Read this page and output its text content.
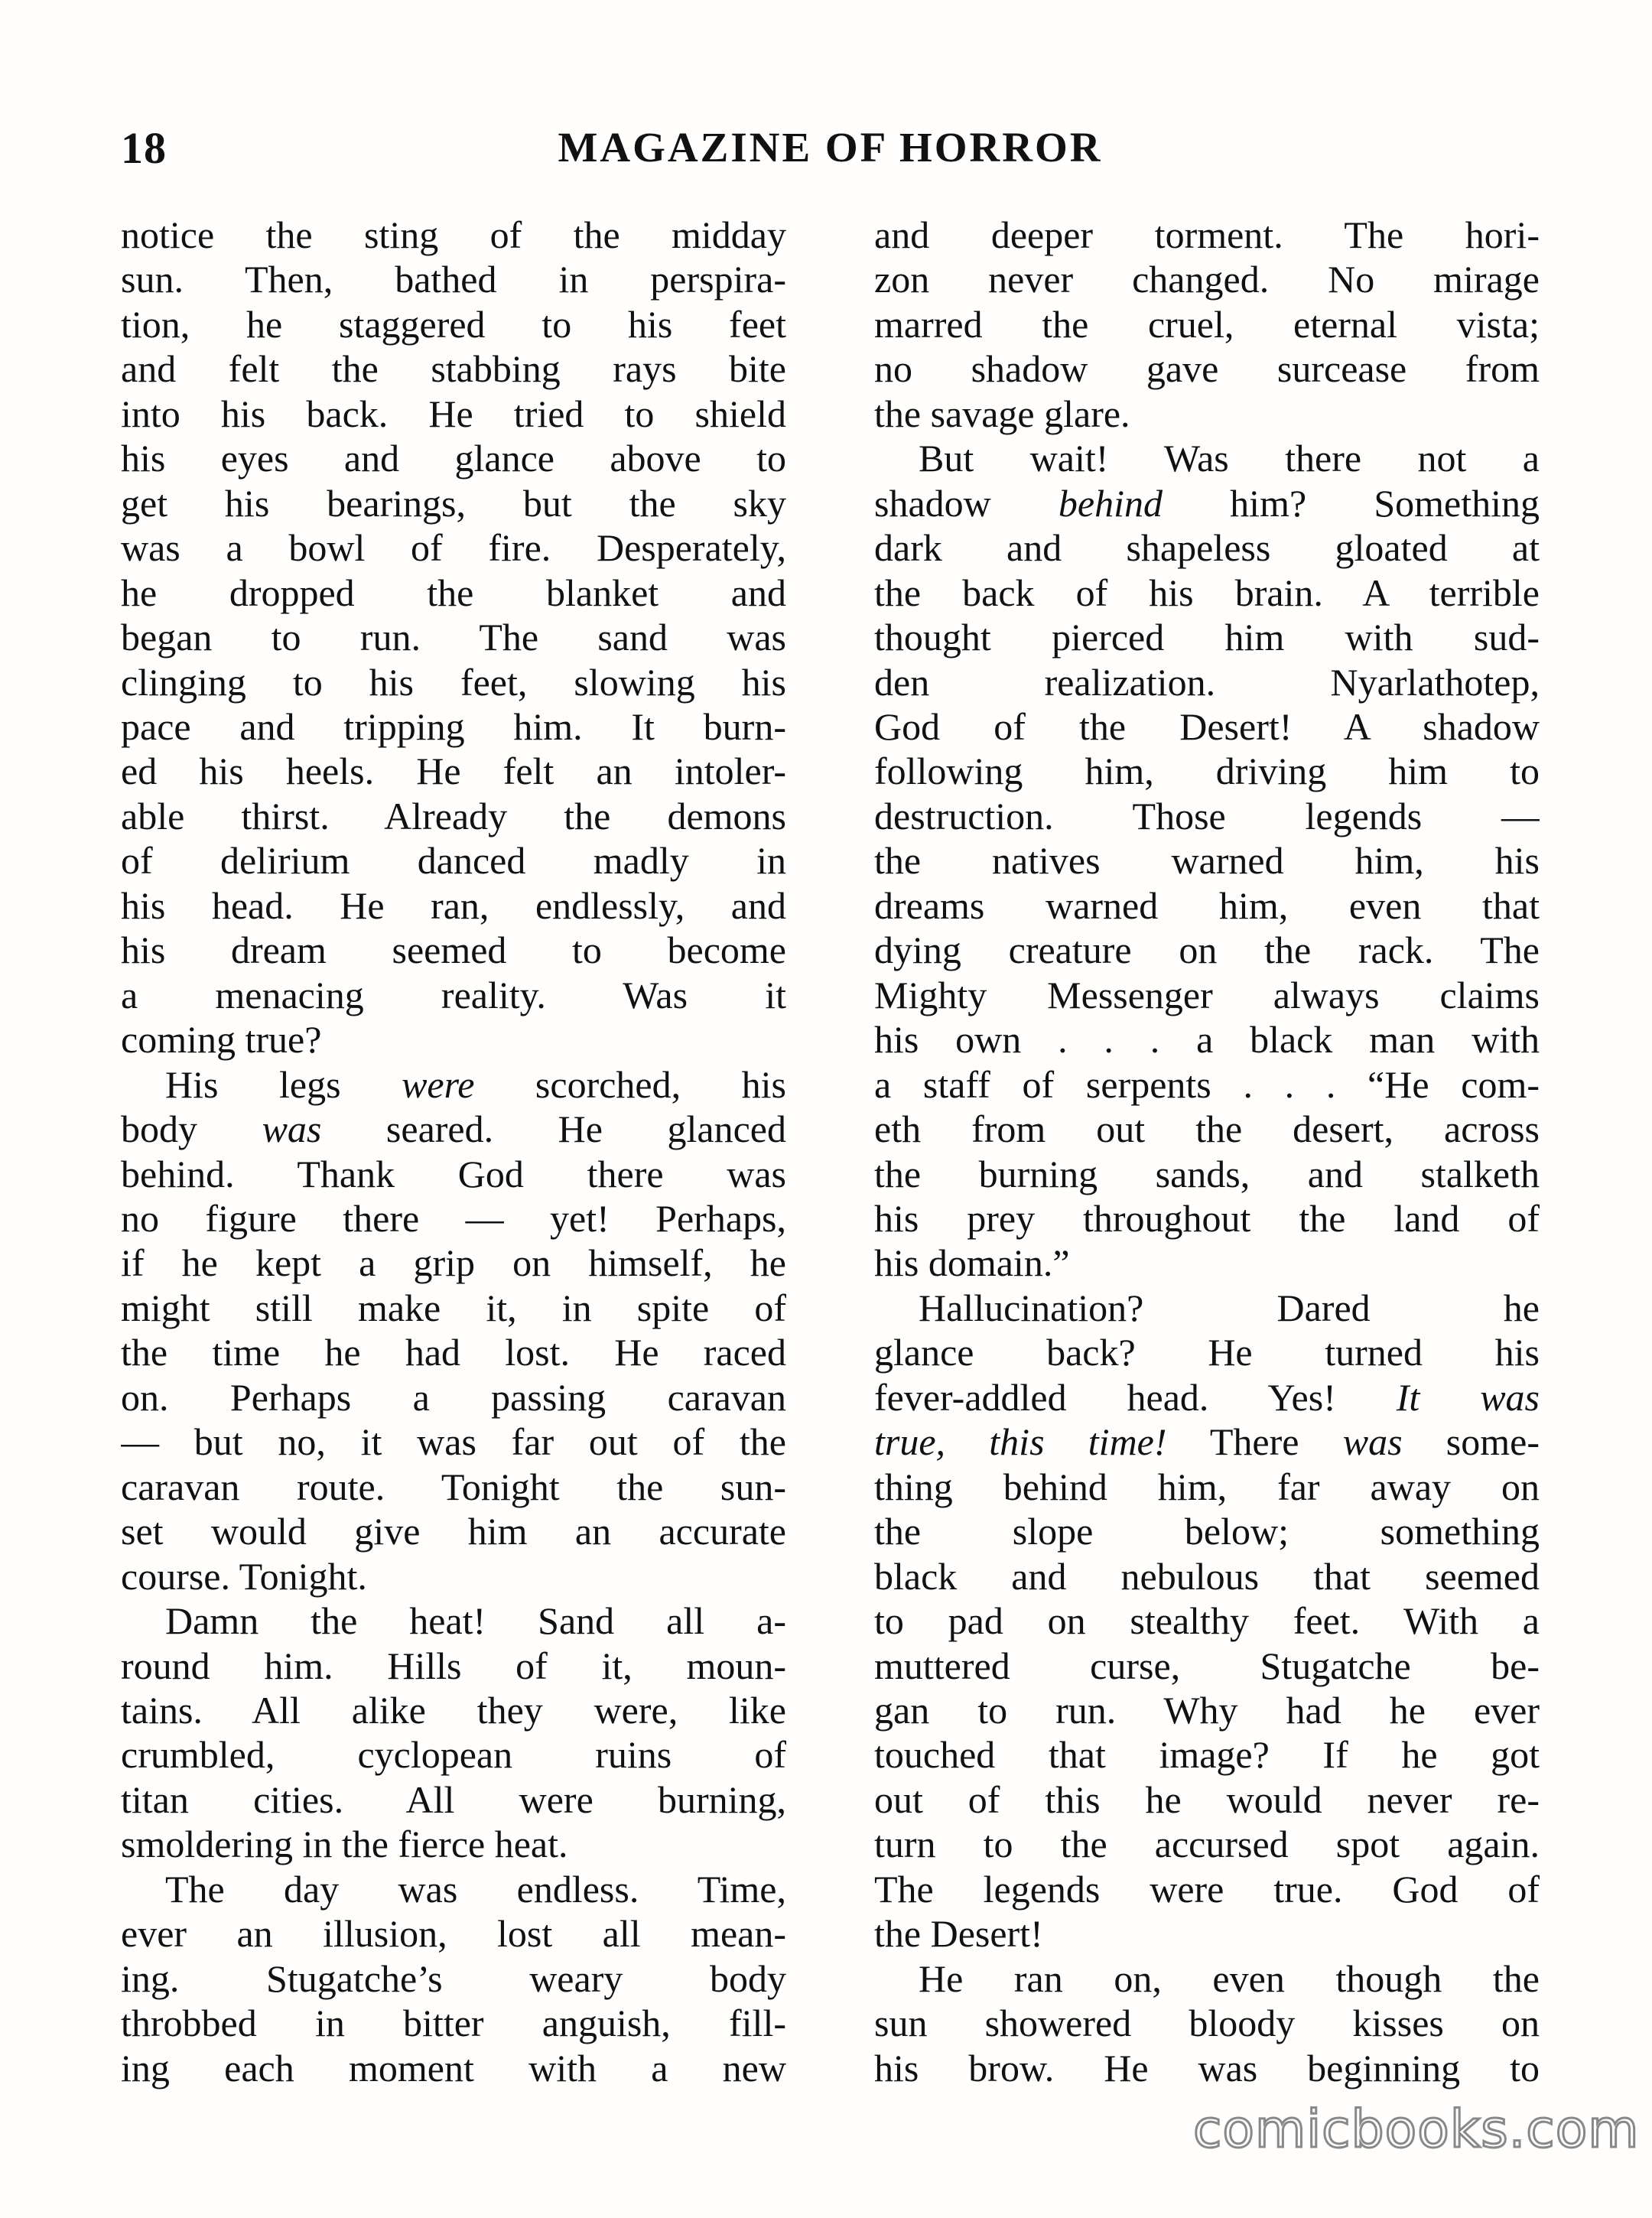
18	MAGAZINE OF HORROR
notice the sting of the midday
sun. Then, bathed in perspira-
tion, he staggered to his feet
and felt the stabbing rays bite
into his back. He tried to shield
his eyes and glance above to
get his bearings, but the sky
was a bowl of fire. Desperately,
he dropped the blanket and
began to run. The sand was
clinging to his feet, slowing his
pace and tripping him. It burn-
ed his heels. He felt an intoler-
able thirst. Already the demons
of delirium danced madly in
his head. He ran, endlessly, and
his dream seemed to become
a menacing reality. Was it
coming true?
His legs were scorched, his
body was seared. He glanced
behind. Thank God there was
no figure there — yet! Perhaps,
if he kept a grip on himself, he
might still make it, in spite of
the time he had lost. He raced
on. Perhaps a passing caravan
— but no, it was far out of the
caravan route. Tonight the sun-
set would give him an accurate
course. Tonight.
Damn the heat! Sand all a-
round him. Hills of it, moun-
tains. All alike they were, like
crumbled, cyclopean ruins of
titan cities. All were burning,
smoldering in the fierce heat.
The day was endless. Time,
ever an illusion, lost all mean-
ing. Stugatche’s weary body
throbbed in bitter anguish, fill-
ing each moment with a new
and deeper torment. The hori-
zon never changed. No mirage
marred the cruel, eternal vista;
no shadow gave surcease from
the savage glare.
But wait! Was there not a
shadow behind him? Something
dark and shapeless gloated at
the back of his brain. A terrible
thought pierced him with sud-
den realization. Nyarlathotep,
God of the Desert! A shadow
following him, driving him to
destruction. Those legends —
the natives warned him, his
dreams warned him, even that
dying creature on the rack. The
Mighty Messenger always claims
his own . . . a black man with
a staff of serpents . . . “He com-
eth from out the desert, across
the burning sands, and stalketh
his prey throughout the land of
his domain.”
Hallucination? Dared he
glance back? He turned his
fever-addled head. Yes! It was
true, this time! There was some-
thing behind him, far away on
the slope below; something
black and nebulous that seemed
to pad on stealthy feet. With a
muttered curse, Stugatche be-
gan to run. Why had he ever
touched that image? If he got
out of this he would never re-
turn to the accursed spot again.
The legends were true. God of
the Desert!
He ran on, even though the
sun showered bloody kisses on
his brow. He was beginning to
comicbooks.com
